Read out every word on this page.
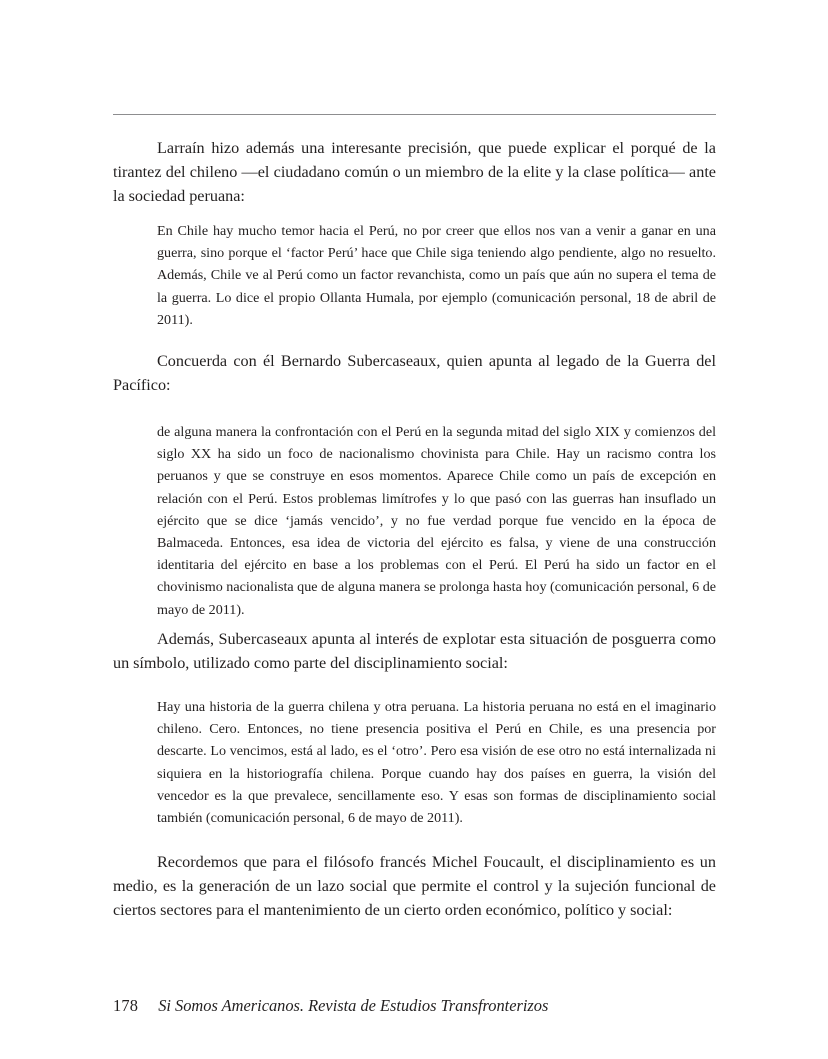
Larraín hizo además una interesante precisión, que puede explicar el porqué de la tirantez del chileno —el ciudadano común o un miembro de la elite y la clase política— ante la sociedad peruana:

En Chile hay mucho temor hacia el Perú, no por creer que ellos nos van a venir a ganar en una guerra, sino porque el ‘factor Perú’ hace que Chile siga teniendo algo pendiente, algo no resuelto. Además, Chile ve al Perú como un factor revanchista, como un país que aún no supera el tema de la guerra. Lo dice el propio Ollanta Humala, por ejemplo (comunicación personal, 18 de abril de 2011).

Concuerda con él Bernardo Subercaseaux, quien apunta al legado de la Guerra del Pacífico:

de alguna manera la confrontación con el Perú en la segunda mitad del siglo XIX y comienzos del siglo XX ha sido un foco de nacionalismo chovinista para Chile. Hay un racismo contra los peruanos y que se construye en esos momentos. Aparece Chile como un país de excepción en relación con el Perú. Estos problemas limítrofes y lo que pasó con las guerras han insuflado un ejército que se dice ‘jamás vencido’, y no fue verdad porque fue vencido en la época de Balmaceda. Entonces, esa idea de victoria del ejército es falsa, y viene de una construcción identitaria del ejército en base a los problemas con el Perú. El Perú ha sido un factor en el chovinismo nacionalista que de alguna manera se prolonga hasta hoy (comunicación personal, 6 de mayo de 2011).

Además, Subercaseaux apunta al interés de explotar esta situación de posguerra como un símbolo, utilizado como parte del disciplinamiento social:

Hay una historia de la guerra chilena y otra peruana. La historia peruana no está en el imaginario chileno. Cero. Entonces, no tiene presencia positiva el Perú en Chile, es una presencia por descarte. Lo vencimos, está al lado, es el ‘otro’. Pero esa visión de ese otro no está internalizada ni siquiera en la historiografía chilena. Porque cuando hay dos países en guerra, la visión del vencedor es la que prevalece, sencillamente eso. Y esas son formas de disciplinamiento social también (comunicación personal, 6 de mayo de 2011).

Recordemos que para el filósofo francés Michel Foucault, el disciplinamiento es un medio, es la generación de un lazo social que permite el control y la sujeción funcional de ciertos sectores para el mantenimiento de un cierto orden económico, político y social:

178 Si Somos Americanos. Revista de Estudios Transfronterizos
